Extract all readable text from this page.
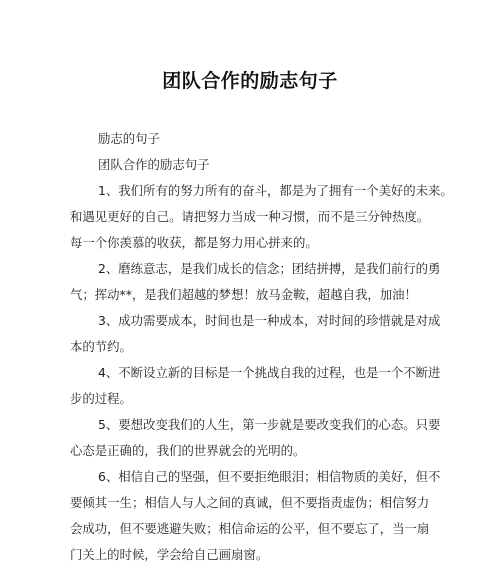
团队合作的励志句子
励志的句子
团队合作的励志句子
1、我们所有的努力所有的奋斗，都是为了拥有一个美好的未来。
和遇见更好的自己。请把努力当成一种习惯，而不是三分钟热度。
每一个你羡慕的收获，都是努力用心拼来的。
2、磨练意志，是我们成长的信念；团结拼搏，是我们前行的勇
气；挥动**，是我们超越的梦想！放马金鞍，超越自我，加油！
3、成功需要成本，时间也是一种成本，对时间的珍惜就是对成
本的节约。
4、不断设立新的目标是一个挑战自我的过程，也是一个不断进
步的过程。
5、要想改变我们的人生，第一步就是要改变我们的心态。只要
心态是正确的，我们的世界就会的光明的。
6、相信自己的坚强，但不要拒绝眼泪；相信物质的美好，但不
要倾其一生；相信人与人之间的真诚，但不要指责虚伪；相信努力
会成功，但不要逃避失败；相信命运的公平，但不要忘了，当一扇
门关上的时候，学会给自己画扇窗。
